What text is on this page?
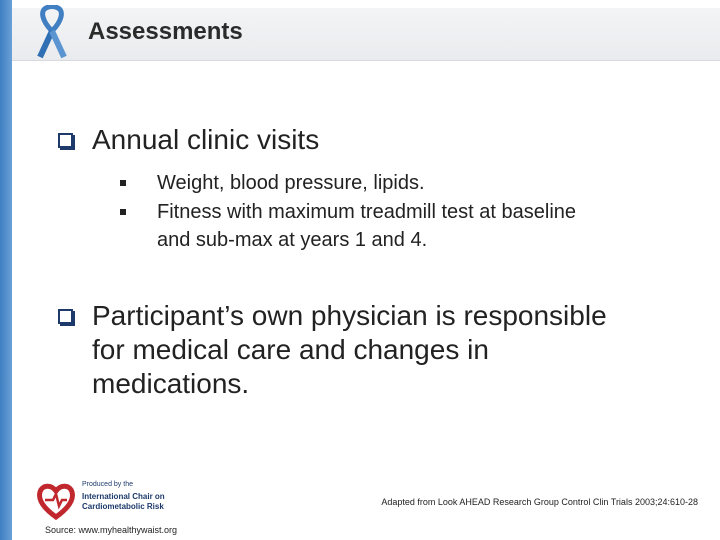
Assessments
Annual clinic visits
Weight, blood pressure, lipids.
Fitness with maximum treadmill test at baseline
and sub-max at years 1 and 4.
Participant’s own physician is responsible
for medical care and changes in
medications.
Produced by the
International Chair on
Cardiometabolic Risk	Adapted from Look AHEAD Research Group Control Clin Trials 2003;24:610-28
Source: www.myhealthywaist.org
